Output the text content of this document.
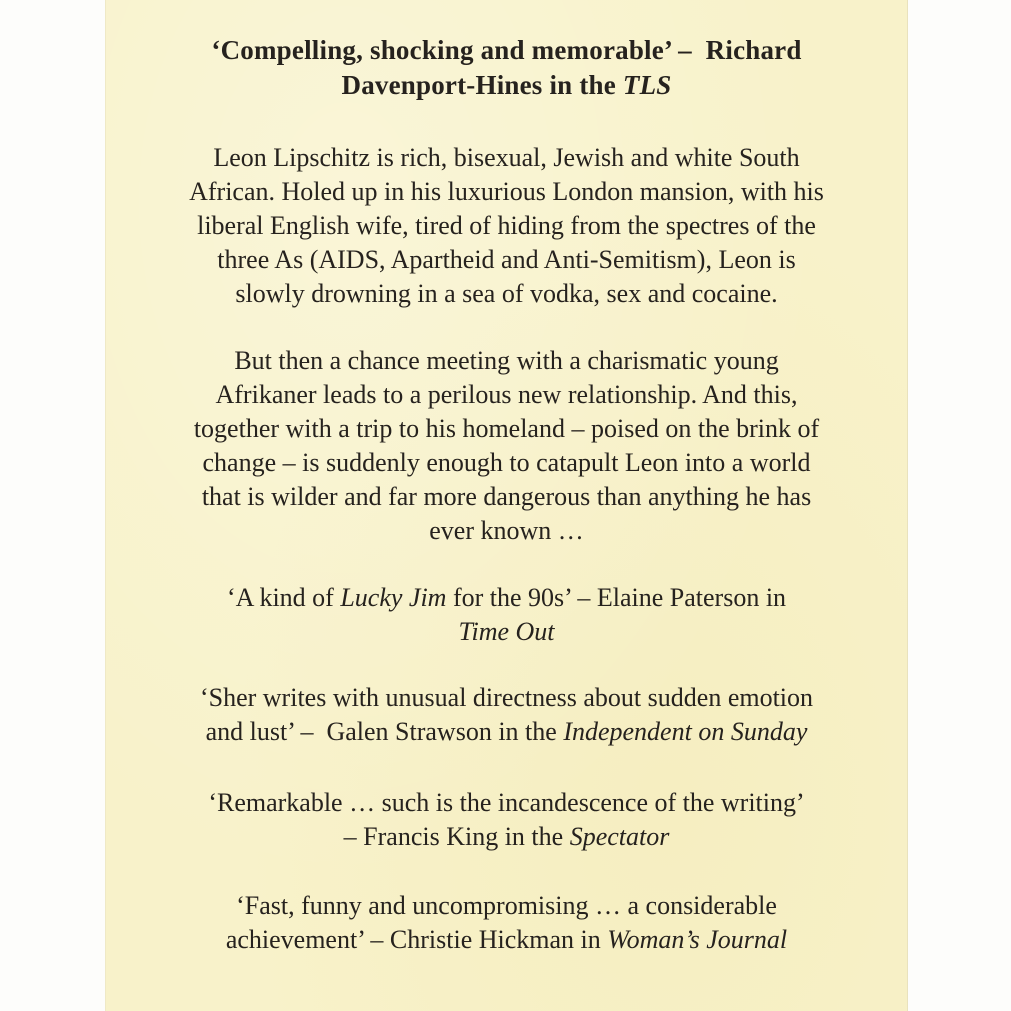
‘Compelling, shocking and memorable’ –  Richard
Davenport-Hines in the TLS
Leon Lipschitz is rich, bisexual, Jewish and white South
African. Holed up in his luxurious London mansion, with his
liberal English wife, tired of hiding from the spectres of the
three As (AIDS, Apartheid and Anti-Semitism), Leon is
slowly drowning in a sea of vodka, sex and cocaine.
But then a chance meeting with a charismatic young
Afrikaner leads to a perilous new relationship. And this,
together with a trip to his homeland – poised on the brink of
change – is suddenly enough to catapult Leon into a world
that is wilder and far more dangerous than anything he has
ever known …
‘A kind of Lucky Jim for the 90s’ – Elaine Paterson in
Time Out
‘Sher writes with unusual directness about sudden emotion
and lust’ –  Galen Strawson in the Independent on Sunday
‘Remarkable … such is the incandescence of the writing’
– Francis King in the Spectator
‘Fast, funny and uncompromising … a considerable
achievement’ – Christie Hickman in Woman’s Journal
